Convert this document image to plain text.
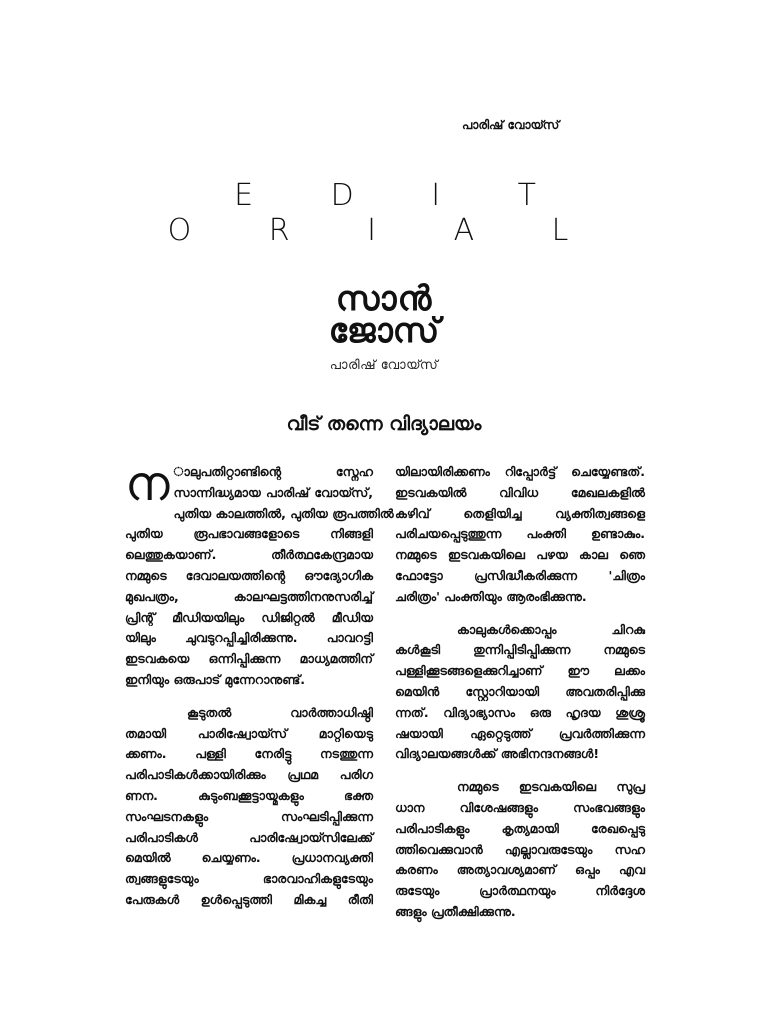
പാരിഷ് വോയ്സ്
E D I T O R I A L
സാൻ
ജോസ്
പാരിഷ് വോയ്സ്
വീട് തന്നെ വിദ്യാലയം
ന ാലുപതിറ്റാണ്ടിന്റെ സ്നേഹ
സാന്നിദ്ധ്യമായ പാരിഷ് വോയ്സ്,
പുതിയ കാലത്തിൽ, പുതിയ രൂപത്തിൽ
പുതിയ രൂപഭാവങ്ങളോടെ നിങ്ങളി
ലെത്തുകയാണ്. തീർത്ഥകേന്ദ്രമായ
നമ്മുടെ ദേവാലയത്തിന്റെ ഔദ്യോഗിക
മുഖപത്രം, കാലഘട്ടത്തിനനുസരിച്ച്
പ്രിന്റ് മീഡിയയിലും ഡിജിറ്റൽ മീഡിയ
യിലും ചുവടുറപ്പിച്ചിരിക്കുന്നു. പാവറട്ടി
ഇടവകയെ ഒന്നിപ്പിക്കുന്ന മാധ്യമത്തിന്
ഇനിയും ഒരുപാട് മുന്നേറാനുണ്ട്.

കൂടുതൽ വാർത്താധിഷ്ഠി
തമായി പാരിഷ്വോയ്സ് മാറ്റിയെടു
ക്കണം. പള്ളി നേരിട്ടു നടത്തുന്ന
പരിപാടികൾക്കായിരിക്കും പ്രഥമ പരിഗ
ണന. കുടുംബക്കൂട്ടായ്മകളും ഭക്ത
സംഘടനകളും സംഘടിപ്പിക്കുന്ന
പരിപാടികൾ പാരിഷ്വോയ്സിലേക്ക്
മെയിൽ ചെയ്യണം. പ്രധാനവ്യക്തി
ത്വങ്ങളുടേയും ഭാരവാഹികളുടേയും
പേരുകൾ ഉൾപ്പെടുത്തി മികച്ച രീതി

യിലായിരിക്കണം റിപ്പോർട്ട് ചെയ്യേണ്ടത്.
ഇടവകയിൽ വിവിധ മേഖലകളിൽ
കഴിവ് തെളിയിച്ച വ്യക്തിത്വങ്ങളെ
പരിചയപ്പെടുത്തുന്ന പംക്തി ഉണ്ടാകും.
നമ്മുടെ ഇടവകയിലെ പഴയ കാല ഞെ
ഫോട്ടോ പ്രസിദ്ധീകരിക്കുന്ന 'ചിത്രം
ചരിത്രം' പംക്തിയും ആരംഭിക്കുന്നു.

കാലുകൾക്കൊപ്പം ചിറകു
കൾകൂടി തുന്നിപ്പിടിപ്പിക്കുന്ന നമ്മുടെ
പള്ളിക്കൂടങ്ങളെക്കുറിച്ചാണ് ഈ ലക്കം
മെയിൻ സ്റ്റോറിയായി അവതരിപ്പിക്കു
ന്നത്. വിദ്യാഭ്യാസം ഒരു ഹൃദയ ശുശ്രൂ
ഷയായി ഏറ്റെടുത്ത് പ്രവർത്തിക്കുന്ന
വിദ്യാലയങ്ങൾക്ക് അഭിനന്ദനങ്ങൾ!

നമ്മുടെ ഇടവകയിലെ സുപ്ര
ധാന വിശേഷങ്ങളും സംഭവങ്ങളും
പരിപാടികളും കൃത്യമായി രേഖപ്പെടു
ത്തിവെക്കുവാൻ എല്ലാവരുടേയും സഹ
കരണം അത്യാവശ്യമാണ് ഒപ്പം എവ
രുടേയും പ്രാർത്ഥനയും നിർദ്ദേശ
ങ്ങളും പ്രതീക്ഷിക്കുന്നു.
